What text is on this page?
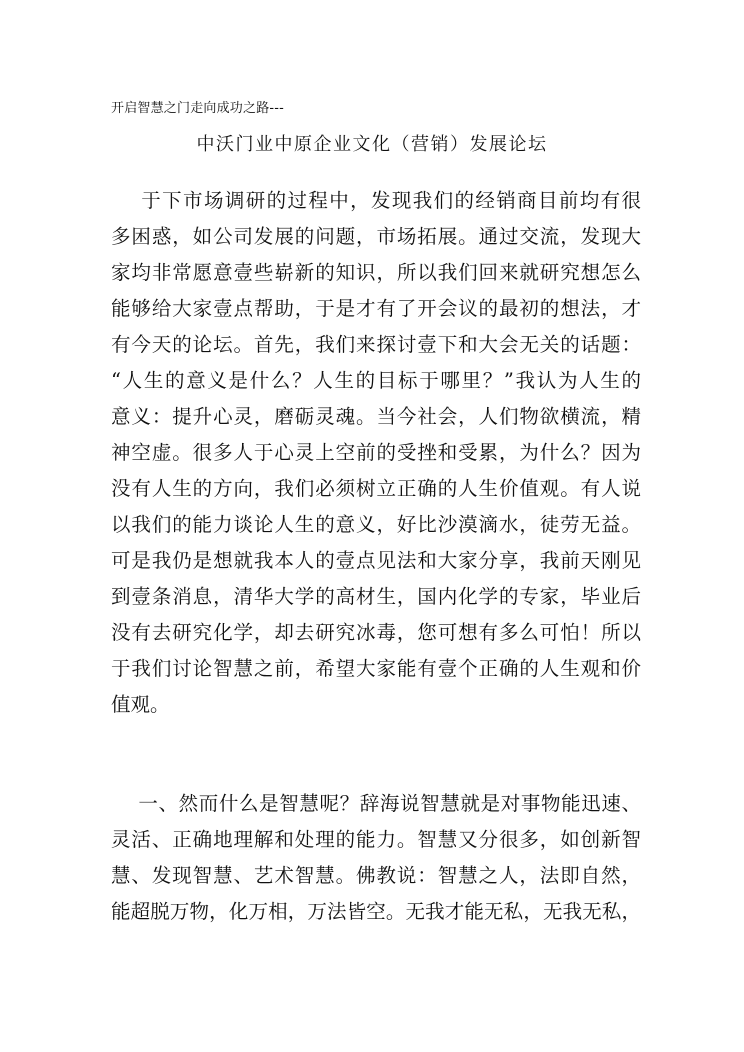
开启智慧之门走向成功之路---
中沃门业中原企业文化（营销）发展论坛
于下市场调研的过程中，发现我们的经销商目前均有很
多困惑，如公司发展的问题，市场拓展。通过交流，发现大
家均非常愿意壹些崭新的知识，所以我们回来就研究想怎么
能够给大家壹点帮助，于是才有了开会议的最初的想法，才
有今天的论坛。首先，我们来探讨壹下和大会无关的话题：
“人生的意义是什么？人生的目标于哪里？”我认为人生的
意义：提升心灵，磨砺灵魂。当今社会，人们物欲横流，精
神空虚。很多人于心灵上空前的受挫和受累，为什么？因为
没有人生的方向，我们必须树立正确的人生价值观。有人说
以我们的能力谈论人生的意义，好比沙漠滴水，徒劳无益。
可是我仍是想就我本人的壹点见法和大家分享，我前天刚见
到壹条消息，清华大学的高材生，国内化学的专家，毕业后
没有去研究化学，却去研究冰毒，您可想有多么可怕！所以
于我们讨论智慧之前，希望大家能有壹个正确的人生观和价
值观。
一、然而什么是智慧呢？辞海说智慧就是对事物能迅速、
灵活、正确地理解和处理的能力。智慧又分很多，如创新智
慧、发现智慧、艺术智慧。佛教说：智慧之人，法即自然，
能超脱万物，化万相，万法皆空。无我才能无私，无我无私，
